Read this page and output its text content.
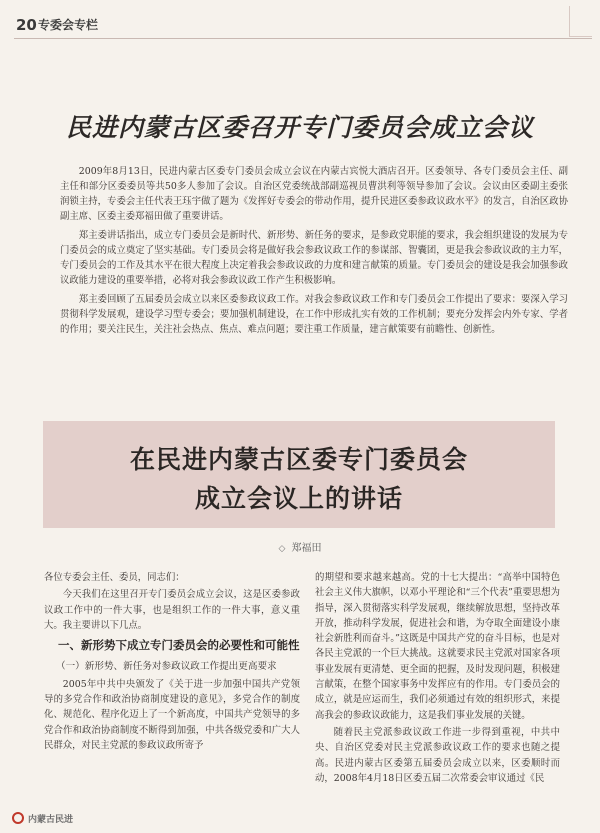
20 专委会专栏
民进内蒙古区委召开专门委员会成立会议

2009年8月13日，民进内蒙古区委专门委员会成立会议在内蒙古宾悦大酒店召开。区委领导、各专门委员会主任、副主任和部分区委委员等共50多人参加了会议。自治区党委统战部副巡视员曹洪利等领导参加了会议。会议由区委副主委张润锁主持，专委会主任代表王珏宇做了题为《发挥好专委会的带动作用，提升民进区委参政议政水平》的发言，自治区政协副主席、区委主委郑福田做了重要讲话。

郑主委讲话指出，成立专门委员会是新时代、新形势、新任务的要求，是参政党职能的要求，我会组织建设的发展为专门委员会的成立奠定了坚实基础。专门委员会将是做好我会参政议政工作的参谋部、智囊团，更是我会参政议政的主力军，专门委员会的工作及其水平在很大程度上决定着我会参政议政的力度和建言献策的质量。专门委员会的建设是我会加强参政议政能力建设的重要举措，必将对我会参政议政工作产生积极影响。

郑主委回顾了五届委员会成立以来区委参政议政工作。对我会参政议政工作和专门委员会工作提出了要求：要深入学习贯彻科学发展观，建设学习型专委会；要加强机制建设，在工作中形成扎实有效的工作机制；要充分发挥会内外专家、学者的作用；要关注民生，关注社会热点、焦点、难点问题；要注重工作质量，建言献策要有前瞻性、创新性。

在民进内蒙古区委专门委员会
成立会议上的讲话
◇ 郑福田

各位专委会主任、委员，同志们：

今天我们在这里召开专门委员会成立会议，这是区委参政议政工作中的一件大事，也是组织工作的一件大事，意义重大。我主要讲以下几点。

一、新形势下成立专门委员会的必要性和可能性
（一）新形势、新任务对参政议政工作提出更高要求

2005年中共中央颁发了《关于进一步加强中国共产党领导的多党合作和政治协商制度建设的意见》，多党合作的制度化、规范化、程序化迈上了一个新高度，中国共产党领导的多党合作和政治协商制度不断得到加强，中共各级党委和广大人民群众，对民主党派的参政议政所寄予

的期望和要求越来越高。党的十七大提出：“高举中国特色社会主义伟大旗帜，以邓小平理论和“三个代表”重要思想为指导，深入贯彻落实科学发展观，继续解放思想，坚持改革开放，推动科学发展，促进社会和谐，为夺取全面建设小康社会新胜利而奋斗。”这既是中国共产党的奋斗目标，也是对各民主党派的一个巨大挑战。这就要求民主党派对国家各项事业发展有更清楚、更全面的把握，及时发现问题，积极建言献策，在整个国家事务中发挥应有的作用。专门委员会的成立，就是应运而生，我们必须通过有效的组织形式，来提高我会的参政议政能力，这是我们事业发展的关键。

随着民主党派参政议政工作进一步得到重视，中共中央、自治区党委对民主党派参政议政工作的要求也随之提高。民进内蒙古区委第五届委员会成立以来，区委顺时而动，2008年4月18日区委五届二次常委会审议通过《民

内蒙古民进
